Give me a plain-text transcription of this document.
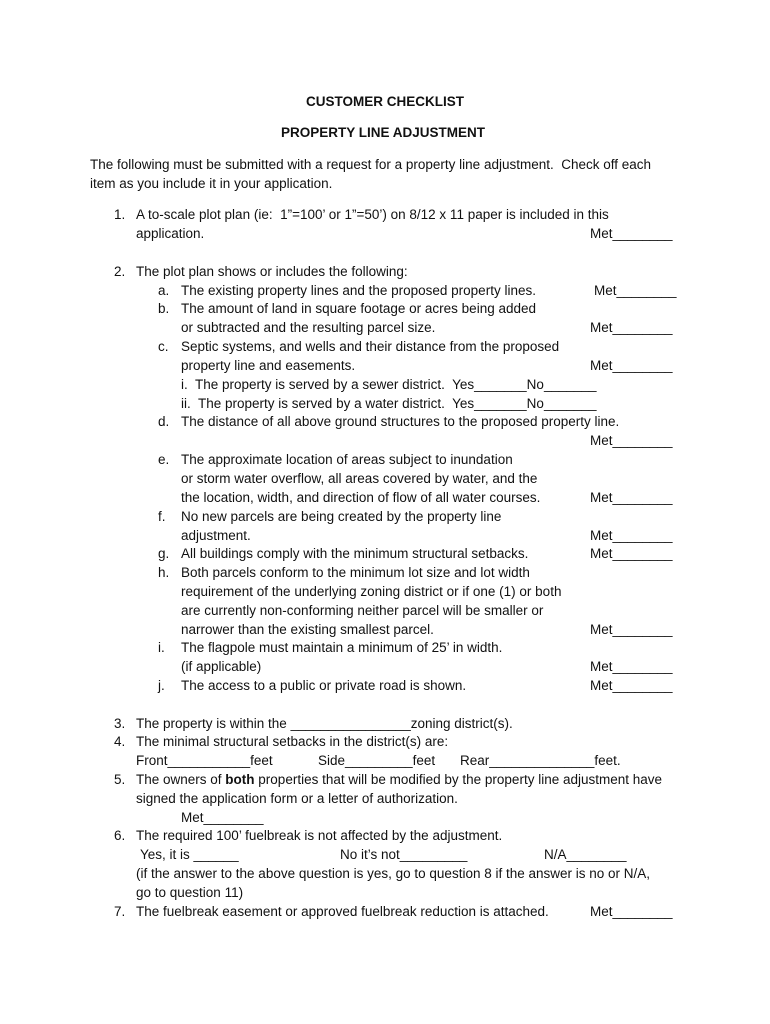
CUSTOMER CHECKLIST
PROPERTY LINE ADJUSTMENT
The following must be submitted with a request for a property line adjustment.  Check off each
item as you include it in your application.
1. A to-scale plot plan (ie:  1”=100’ or 1”=50’) on 8/12 x 11 paper is included in this
application.	Met________
2. The plot plan shows or includes the following:
a. The existing property lines and the proposed property lines.	Met________
b. The amount of land in square footage or acres being added
or subtracted and the resulting parcel size.	Met________
c. Septic systems, and wells and their distance from the proposed
property line and easements.	Met________
i.  The property is served by a sewer district.  Yes_______No_______
ii.  The property is served by a water district.  Yes_______No_______
d. The distance of all above ground structures to the proposed property line.
Met________
e. The approximate location of areas subject to inundation
or storm water overflow, all areas covered by water, and the
the location, width, and direction of flow of all water courses.	Met________
f. No new parcels are being created by the property line
adjustment.	Met________
g. All buildings comply with the minimum structural setbacks.	Met________
h. Both parcels conform to the minimum lot size and lot width
requirement of the underlying zoning district or if one (1) or both
are currently non-conforming neither parcel will be smaller or
narrower than the existing smallest parcel.	Met________
i. The flagpole must maintain a minimum of 25’ in width.
(if applicable)	Met________
j. The access to a public or private road is shown.	Met________
3. The property is within the ________________zoning district(s).
4. The minimal structural setbacks in the district(s) are:
Front___________feet	Side_________feet Rear______________feet.
5. The owners of both properties that will be modified by the property line adjustment have
signed the application form or a letter of authorization.
Met________
6. The required 100’ fuelbreak is not affected by the adjustment.
Yes, it is ______	No it’s not_________	N/A________
(if the answer to the above question is yes, go to question 8 if the answer is no or N/A,
go to question 11)
7. The fuelbreak easement or approved fuelbreak reduction is attached.	Met________
